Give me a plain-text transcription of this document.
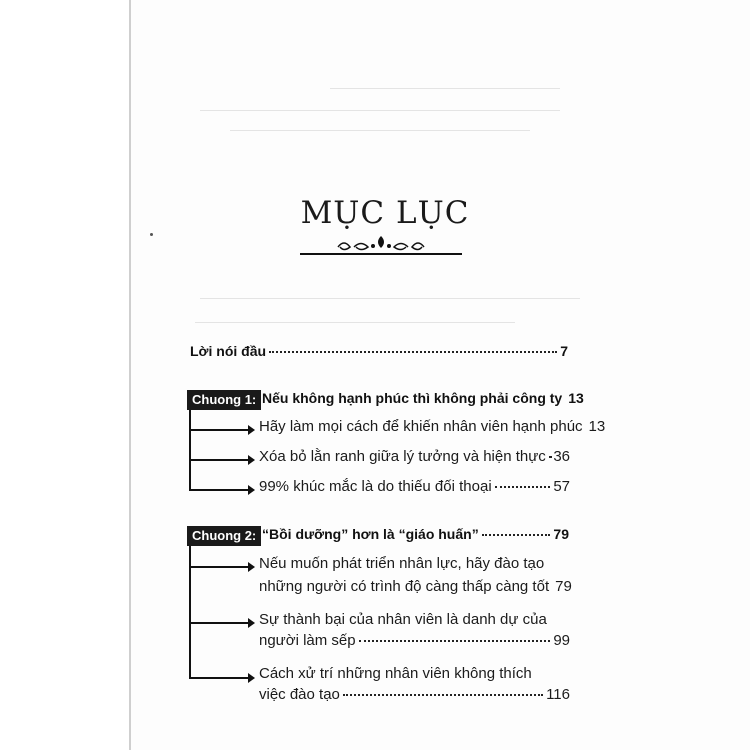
MỤC LỤC
Lời nói đầu	7
Chuong 1: Nếu không hạnh phúc thì không phải công ty 13
Hãy làm mọi cách để khiến nhân viên hạnh phúc 13
Xóa bỏ lằn ranh giữa lý tưởng và hiện thực 36
99% khúc mắc là do thiếu đối thoại	57
Chuong 2: “Bồi dưỡng” hơn là “giáo huấn”	79
Nếu muốn phát triển nhân lực, hãy đào tạo
những người có trình độ càng thấp càng tốt 79
Sự thành bại của nhân viên là danh dự của
người làm sếp	99
Cách xử trí những nhân viên không thích
việc đào tạo	116
